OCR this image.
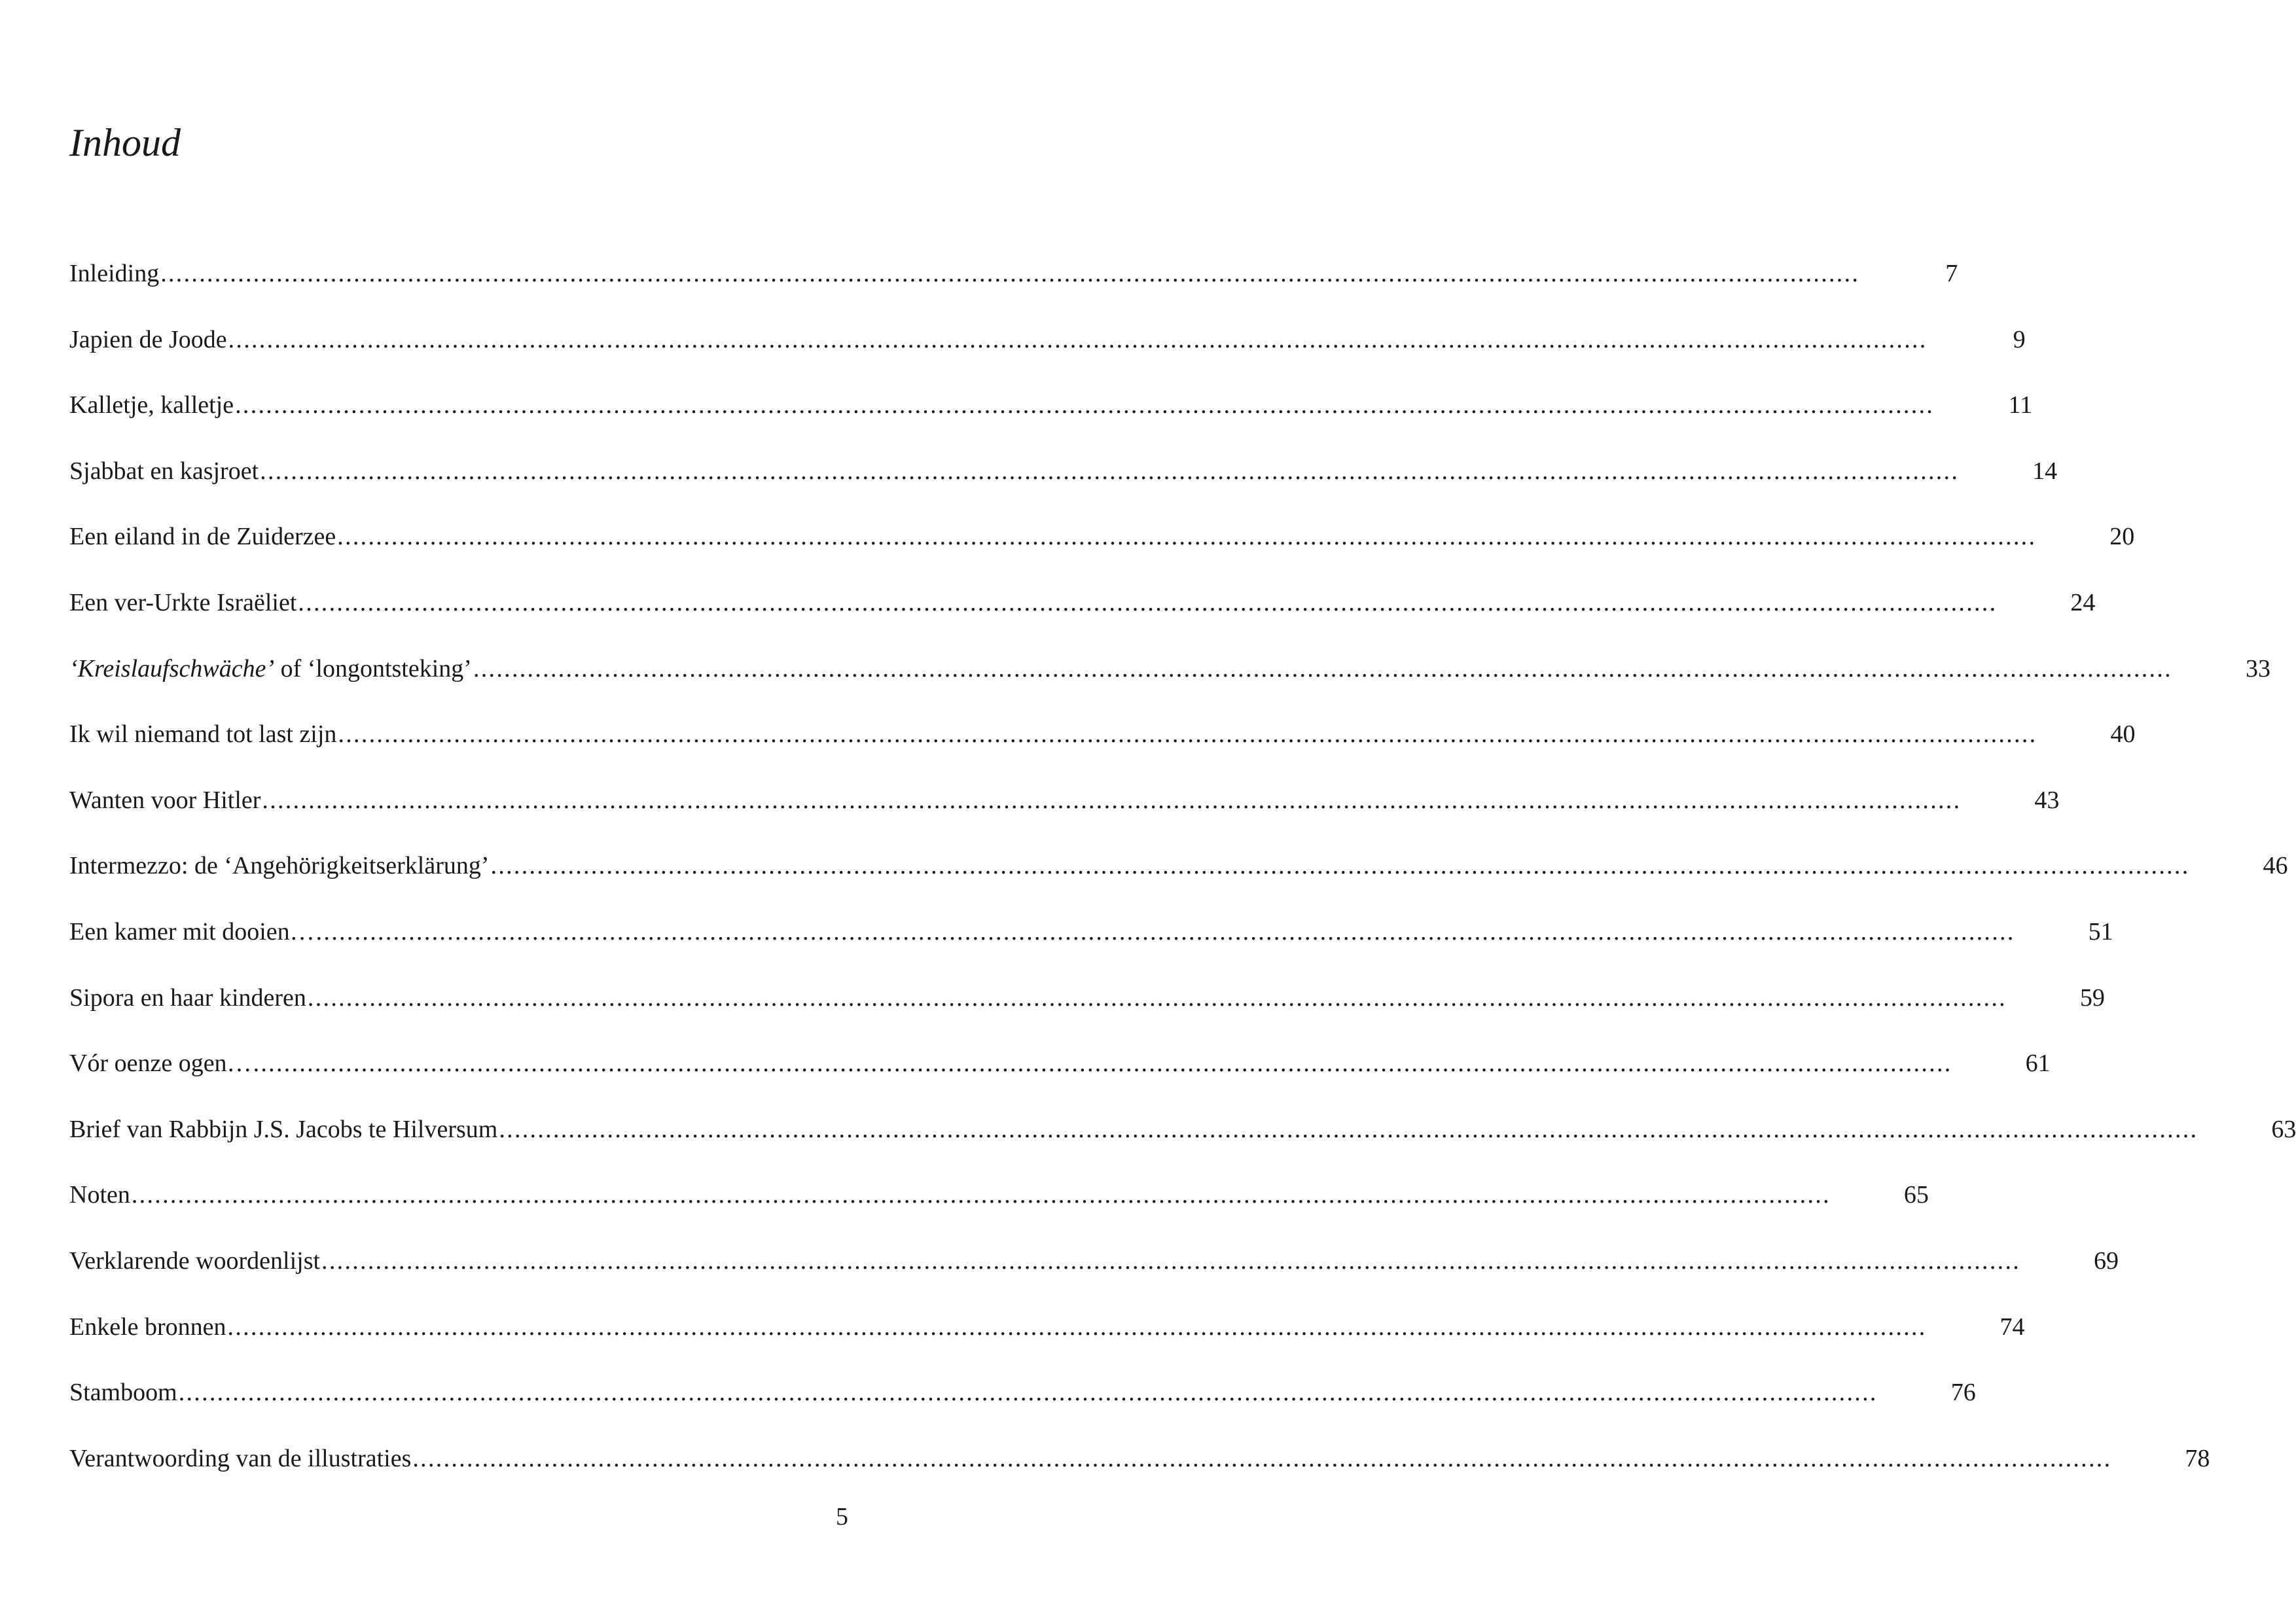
Inhoud
Inleiding ............................................................................................................................................................................................................................	7
Japien de Joode ............................................................................................................................................................................................................................	9
Kalletje, kalletje ............................................................................................................................................................................................................................	11
Sjabbat en kasjroet ............................................................................................................................................................................................................................	14
Een eiland in de Zuiderzee ............................................................................................................................................................................................................................	20
Een ver-Urkte Israëliet ............................................................................................................................................................................................................................	24
‘Kreislaufschwäche’ of ‘longontsteking’ ............................................................................................................................................................................................................................	33
Ik wil niemand tot last zijn ............................................................................................................................................................................................................................	40
Wanten voor Hitler ............................................................................................................................................................................................................................	43
Intermezzo: de ‘Angehörigkeitserklärung’ ............................................................................................................................................................................................................................	46
Een kamer mit dooien… ............................................................................................................................................................................................................................	51
Sipora en haar kinderen ............................................................................................................................................................................................................................	59
Vór oenze ogen… ............................................................................................................................................................................................................................	61
Brief van Rabbijn J.S. Jacobs te Hilversum ............................................................................................................................................................................................................................	63
Noten ............................................................................................................................................................................................................................	65
Verklarende woordenlijst ............................................................................................................................................................................................................................	69
Enkele bronnen ............................................................................................................................................................................................................................	74
Stamboom ............................................................................................................................................................................................................................	76
Verantwoording van de illustraties ............................................................................................................................................................................................................................	78
5
